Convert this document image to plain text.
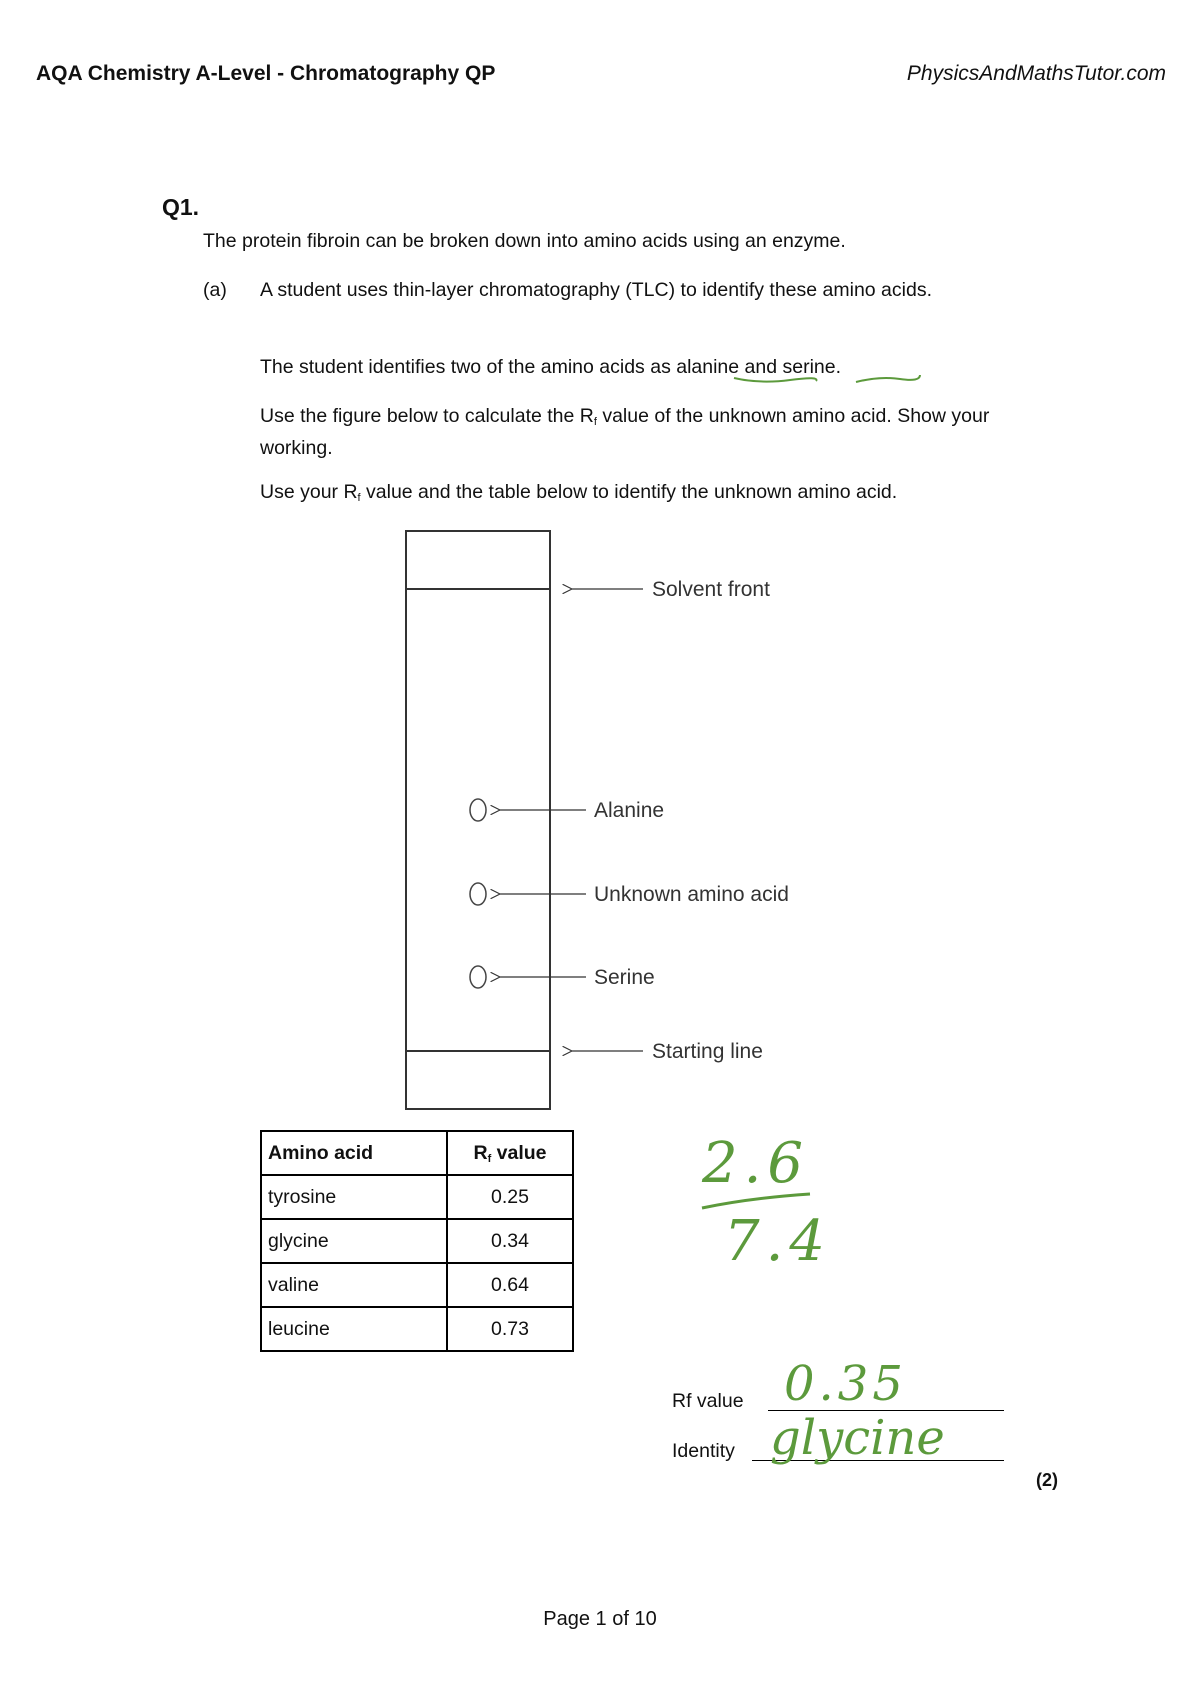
AQA Chemistry A-Level - Chromatography QP	PhysicsAndMathsTutor.com
Q1.
The protein fibroin can be broken down into amino acids using an enzyme.
(a) A student uses thin-layer chromatography (TLC) to identify these amino acids.
The student identifies two of the amino acids as alanine and serine.
Use the figure below to calculate the $R_f$ value of the unknown amino acid. Show your working.
Use your $R_f$ value and the table below to identify the unknown amino acid.
Solvent front
Alanine
Unknown amino acid
Serine
Starting line
Amino acid	$R_f$ value
tyrosine	0.25
glycine	0.34
valine	0.64
leucine	0.73
2.6
7.4
Rf value 0.35
Identity glycine
(2)
Page 1 of 10
